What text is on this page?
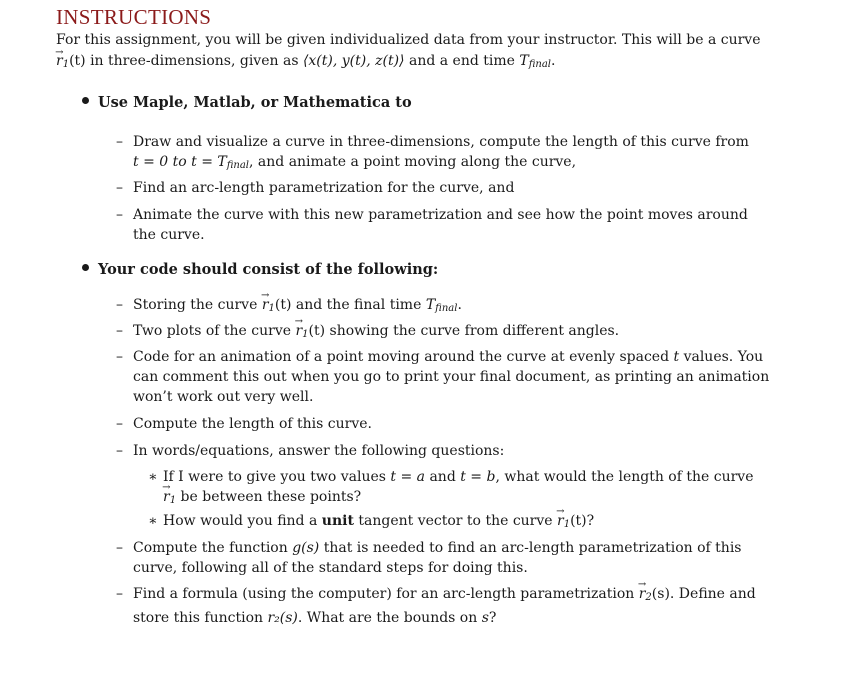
INSTRUCTIONS
For this assignment, you will be given individualized data from your instructor. This will be a curve
→ $r_1(t)$ in three-dimensions, given as ⟨x(t), y(t), z(t)⟩ and a end time $T_{final}$.
Use Maple, Matlab, or Mathematica to
– Draw and visualize a curve in three-dimensions, compute the length of this curve from
t = 0 to $t = T_{final}$, and animate a point moving along the curve,
– Find an arc-length parametrization for the curve, and
– Animate the curve with this new parametrization and see how the point moves around
the curve.
Your code should consist of the following:
– Storing the curve → $r_1(t)$ and the final time $T_{final}$.
– Two plots of the curve → $r_1(t)$ showing the curve from different angles.
– Code for an animation of a point moving around the curve at evenly spaced t values. You
can comment this out when you go to print your final document, as printing an animation
won’t work out very well.
– Compute the length of this curve.
– In words/equations, answer the following questions:
∗ If I were to give you two values t = a and t = b, what would the length of the curve
→ $r_1$ be between these points?
∗ How would you find a unit tangent vector to the curve → $r_1(t)$?
– Compute the function g(s) that is needed to find an arc-length parametrization of this
curve, following all of the standard steps for doing this.
– Find a formula (using the computer) for an arc-length parametrization → $r_2(s)$. Define and
store this function r₂(s). What are the bounds on s?
